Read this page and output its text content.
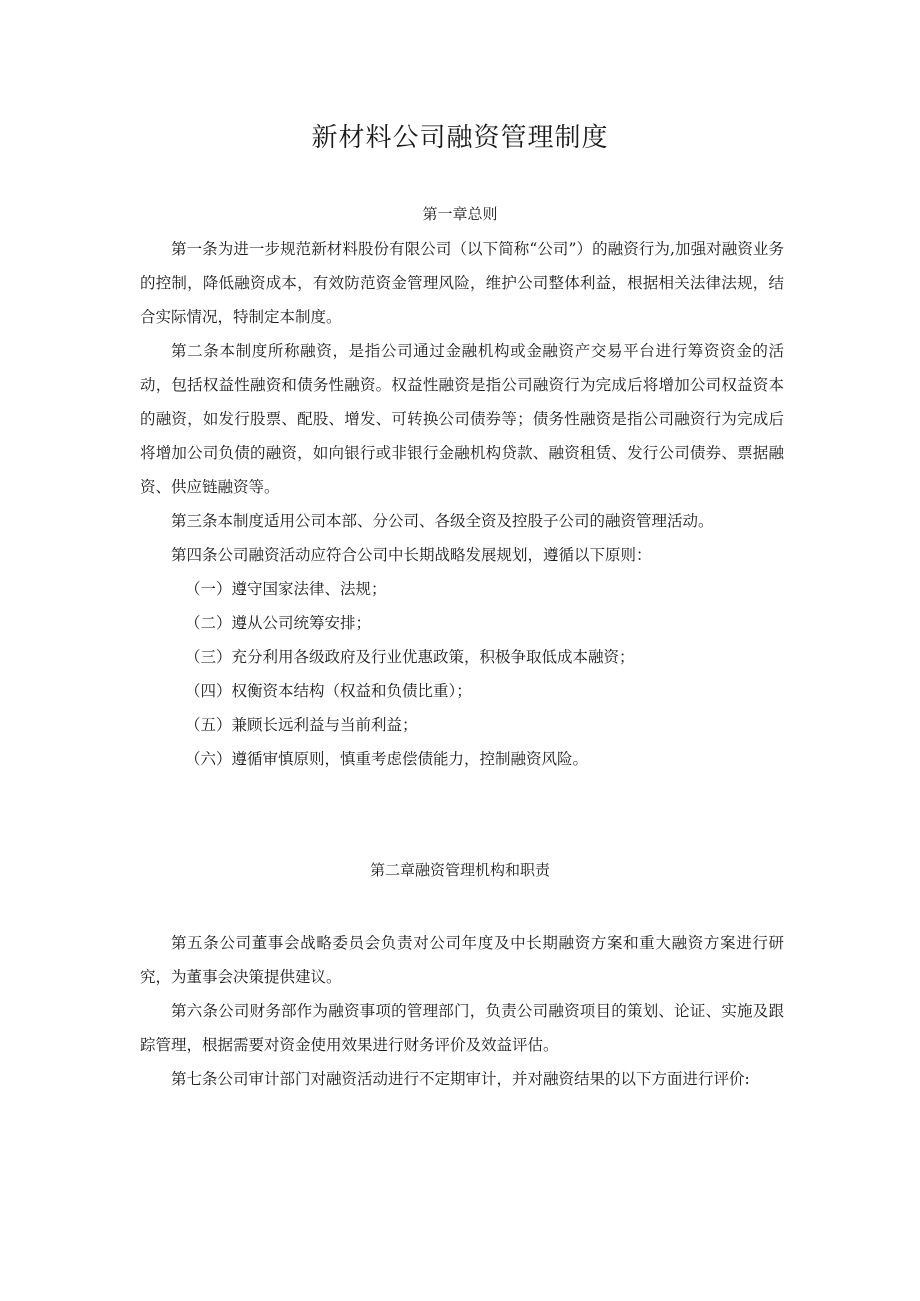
新材料公司融资管理制度
第一章总则

第一条为进一步规范新材料股份有限公司（以下简称“公司”）的融资行为,加强对融资业务的控制，降低融资成本，有效防范资金管理风险，维护公司整体利益，根据相关法律法规，结合实际情况，特制定本制度。

第二条本制度所称融资，是指公司通过金融机构或金融资产交易平台进行筹资资金的活动，包括权益性融资和债务性融资。权益性融资是指公司融资行为完成后将增加公司权益资本的融资，如发行股票、配股、增发、可转换公司债券等；债务性融资是指公司融资行为完成后将增加公司负债的融资，如向银行或非银行金融机构贷款、融资租赁、发行公司债券、票据融资、供应链融资等。

第三条本制度适用公司本部、分公司、各级全资及控股子公司的融资管理活动。

第四条公司融资活动应符合公司中长期战略发展规划，遵循以下原则：

（一）遵守国家法律、法规；

（二）遵从公司统筹安排；

（三）充分利用各级政府及行业优惠政策，积极争取低成本融资；

（四）权衡资本结构（权益和负债比重）；

（五）兼顾长远利益与当前利益；

（六）遵循审慎原则，慎重考虑偿债能力，控制融资风险。

第二章融资管理机构和职责

第五条公司董事会战略委员会负责对公司年度及中长期融资方案和重大融资方案进行研究，为董事会决策提供建议。

第六条公司财务部作为融资事项的管理部门，负责公司融资项目的策划、论证、实施及跟踪管理，根据需要对资金使用效果进行财务评价及效益评估。

第七条公司审计部门对融资活动进行不定期审计，并对融资结果的以下方面进行评价:
